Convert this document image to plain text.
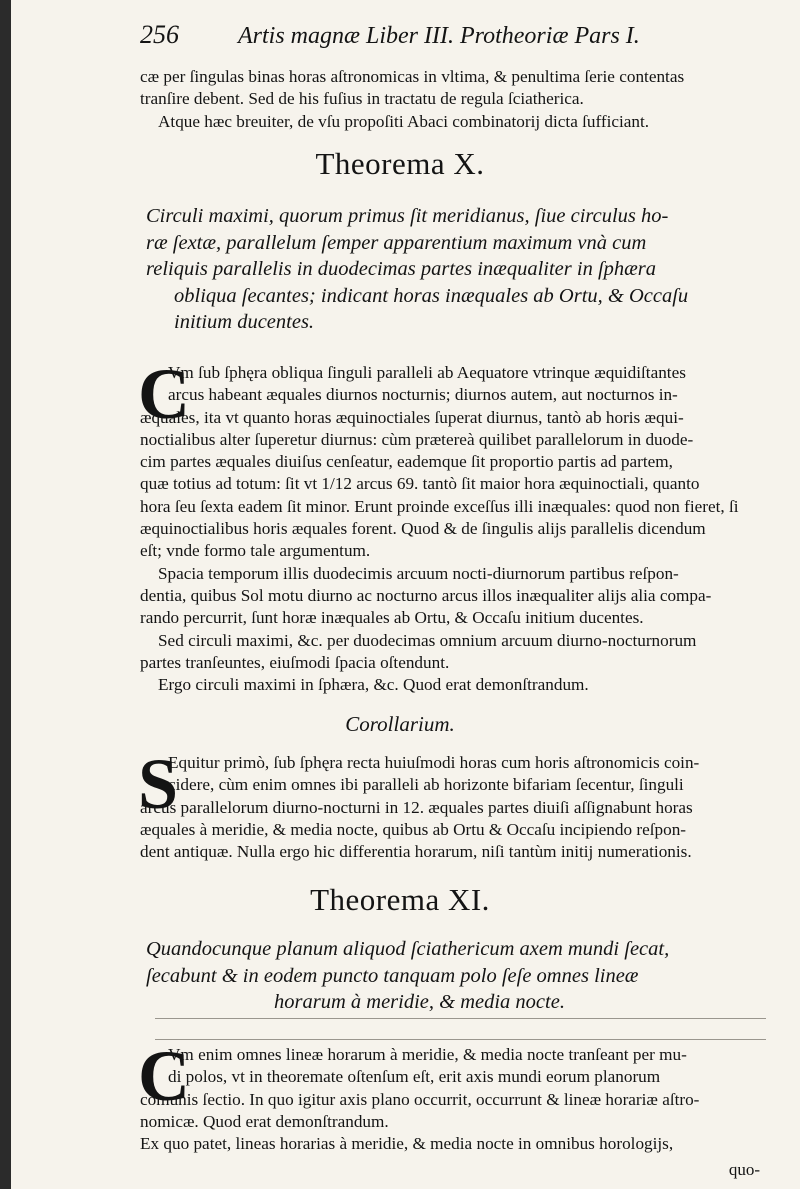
256 Artis magnæ Liber III. Protheoriæ Pars I.
cæ per ſingulas binas horas aſtronomicas in vltima, & penultima ſerie contentas
tranſire debent. Sed de his fuſius in tractatu de regula ſciatherica.
Atque hæc breuiter, de vſu propoſiti Abaci combinatorij dicta ſufficiant.
Theorema X.
Circuli maximi, quorum primus ſit meridianus, ſiue circulus ho-
ræ ſextæ, parallelum ſemper apparentium maximum vnà cum
reliquis parallelis in duodecimas partes inæqualiter in ſphæra
obliqua ſecantes; indicant horas inæquales ab Ortu, & Occaſu
initium ducentes.
C
Vm ſub ſphęra obliqua ſinguli paralleli ab Aequatore vtrinque æquidiſtantes
arcus habeant æquales diurnos nocturnis; diurnos autem, aut nocturnos in-
æquales, ita vt quanto horas æquinoctiales ſuperat diurnus, tantò ab horis æqui-
noctialibus alter ſuperetur diurnus: cùm prætereà quilibet parallelorum in duode-
cim partes æquales diuiſus cenſeatur, eademque ſit proportio partis ad partem,
quæ totius ad totum: ſit vt 1/12 arcus 69. tantò ſit maior hora æquinoctiali, quanto
hora ſeu ſexta eadem ſit minor. Erunt proinde exceſſus illi inæquales: quod non fieret, ſi
æquinoctialibus horis æquales forent. Quod & de ſingulis alijs parallelis dicendum
eſt; vnde formo tale argumentum.
Spacia temporum illis duodecimis arcuum nocti-diurnorum partibus reſpon-
dentia, quibus Sol motu diurno ac nocturno arcus illos inæqualiter alijs alia compa-
rando percurrit, ſunt horæ inæquales ab Ortu, & Occaſu initium ducentes.
Sed circuli maximi, &c. per duodecimas omnium arcuum diurno-nocturnorum
partes tranſeuntes, eiuſmodi ſpacia oſtendunt.
Ergo circuli maximi in ſphæra, &c. Quod erat demonſtrandum.
Corollarium.
S
Equitur primò, ſub ſphęra recta huiuſmodi horas cum horis aſtronomicis coin-
cidere, cùm enim omnes ibi paralleli ab horizonte bifariam ſecentur, ſinguli
arcus parallelorum diurno-nocturni in 12. æquales partes diuiſi aſſignabunt horas
æquales à meridie, & media nocte, quibus ab Ortu & Occaſu incipiendo reſpon-
dent antiquæ. Nulla ergo hic differentia horarum, niſi tantùm initij numerationis.
Theorema XI.
Quandocunque planum aliquod ſciathericum axem mundi ſecat,
ſecabunt & in eodem puncto tanquam polo ſeſe omnes lineæ
horarum à meridie, & media nocte.
C
Vm enim omnes lineæ horarum à meridie, & media nocte tranſeant per mu-
di polos, vt in theoremate oſtenſum eſt, erit axis mundi eorum planorum
cõmunis ſectio. In quo igitur axis plano occurrit, occurrunt & lineæ horariæ aſtro-
nomicæ. Quod erat demonſtrandum.
Ex quo patet, lineas horarias à meridie, & media nocte in omnibus horologijs,
quo-
